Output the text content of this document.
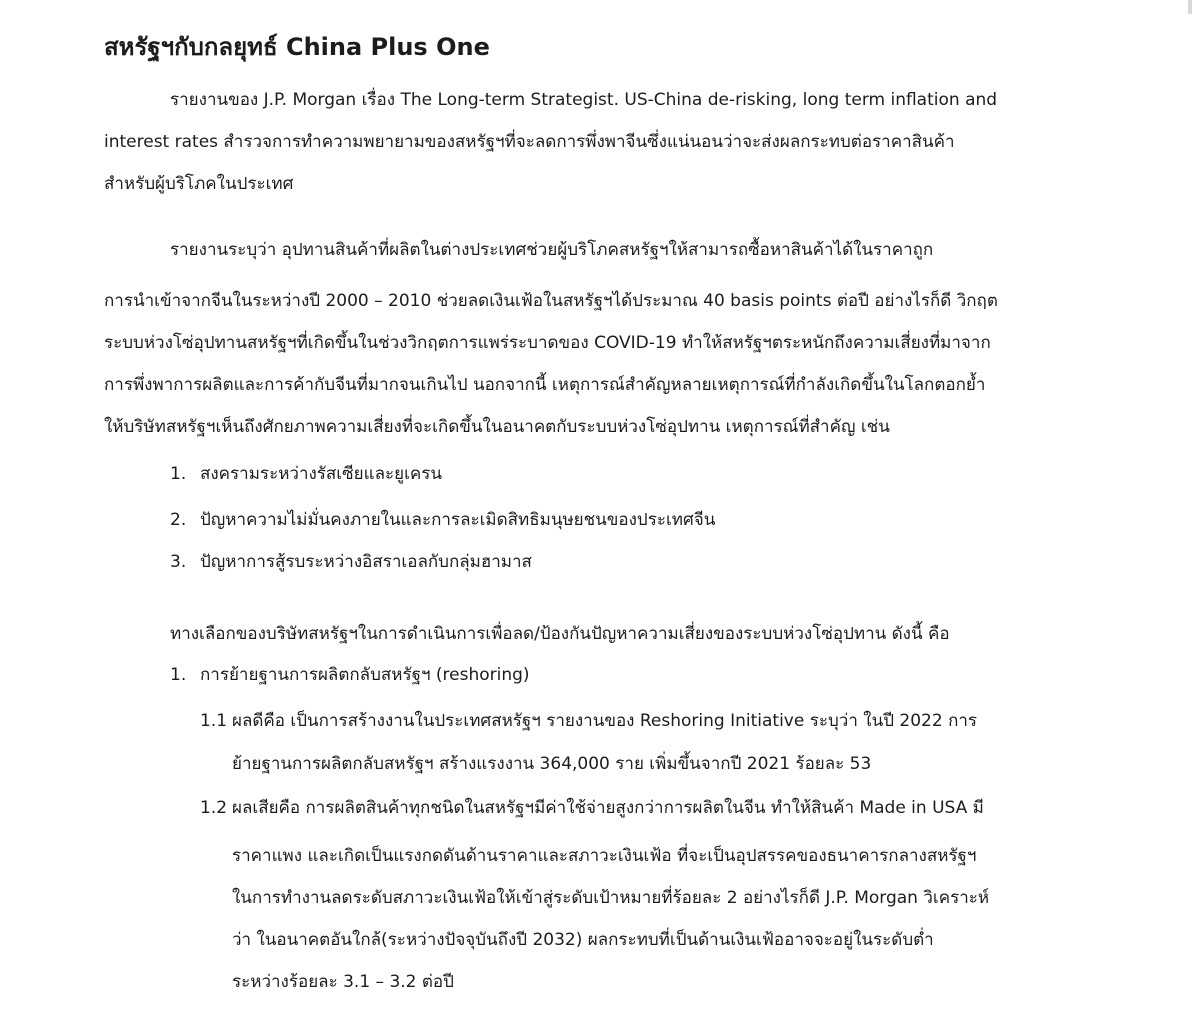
สหรัฐฯกับกลยุทธ์ China Plus One

รายงานของ J.P. Morgan เรื่อง The Long-term Strategist. US-China de-risking, long term inflation and

interest rates สำรวจการทำความพยายามของสหรัฐฯที่จะลดการพึ่งพาจีนซึ่งแน่นอนว่าจะส่งผลกระทบต่อราคาสินค้า

สำหรับผู้บริโภคในประเทศ

รายงานระบุว่า อุปทานสินค้าที่ผลิตในต่างประเทศช่วยผู้บริโภคสหรัฐฯให้สามารถซื้อหาสินค้าได้ในราคาถูก

การนำเข้าจากจีนในระหว่างปี 2000 – 2010 ช่วยลดเงินเฟ้อในสหรัฐฯได้ประมาณ 40 basis points ต่อปี อย่างไรก็ดี วิกฤต

ระบบห่วงโซ่อุปทานสหรัฐฯที่เกิดขึ้นในช่วงวิกฤตการแพร่ระบาดของ COVID-19 ทำให้สหรัฐฯตระหนักถึงความเสี่ยงที่มาจาก

การพึ่งพาการผลิตและการค้ากับจีนที่มากจนเกินไป นอกจากนี้ เหตุการณ์สำคัญหลายเหตุการณ์ที่กำลังเกิดขึ้นในโลกตอกย้ำ

ให้บริษัทสหรัฐฯเห็นถึงศักยภาพความเสี่ยงที่จะเกิดขึ้นในอนาคตกับระบบห่วงโซ่อุปทาน เหตุการณ์ที่สำคัญ เช่น

1. สงครามระหว่างรัสเซียและยูเครน

2. ปัญหาความไม่มั่นคงภายในและการละเมิดสิทธิมนุษยชนของประเทศจีน

3. ปัญหาการสู้รบระหว่างอิสราเอลกับกลุ่มฮามาส

ทางเลือกของบริษัทสหรัฐฯในการดำเนินการเพื่อลด/ป้องกันปัญหาความเสี่ยงของระบบห่วงโซ่อุปทาน ดังนี้ คือ

1. การย้ายฐานการผลิตกลับสหรัฐฯ (reshoring)

1.1 ผลดีคือ เป็นการสร้างงานในประเทศสหรัฐฯ รายงานของ Reshoring Initiative ระบุว่า ในปี 2022 การ

ย้ายฐานการผลิตกลับสหรัฐฯ สร้างแรงงาน 364,000 ราย เพิ่มขึ้นจากปี 2021 ร้อยละ 53

1.2 ผลเสียคือ การผลิตสินค้าทุกชนิดในสหรัฐฯมีค่าใช้จ่ายสูงกว่าการผลิตในจีน ทำให้สินค้า Made in USA มี

ราคาแพง และเกิดเป็นแรงกดดันด้านราคาและสภาวะเงินเฟ้อ ที่จะเป็นอุปสรรคของธนาคารกลางสหรัฐฯ

ในการทำงานลดระดับสภาวะเงินเฟ้อให้เข้าสู่ระดับเป้าหมายที่ร้อยละ 2 อย่างไรก็ดี J.P. Morgan วิเคราะห์

ว่า ในอนาคตอันใกล้(ระหว่างปัจจุบันถึงปี 2032) ผลกระทบที่เป็นด้านเงินเฟ้ออาจจะอยู่ในระดับต่ำ

ระหว่างร้อยละ 3.1 – 3.2 ต่อปี
